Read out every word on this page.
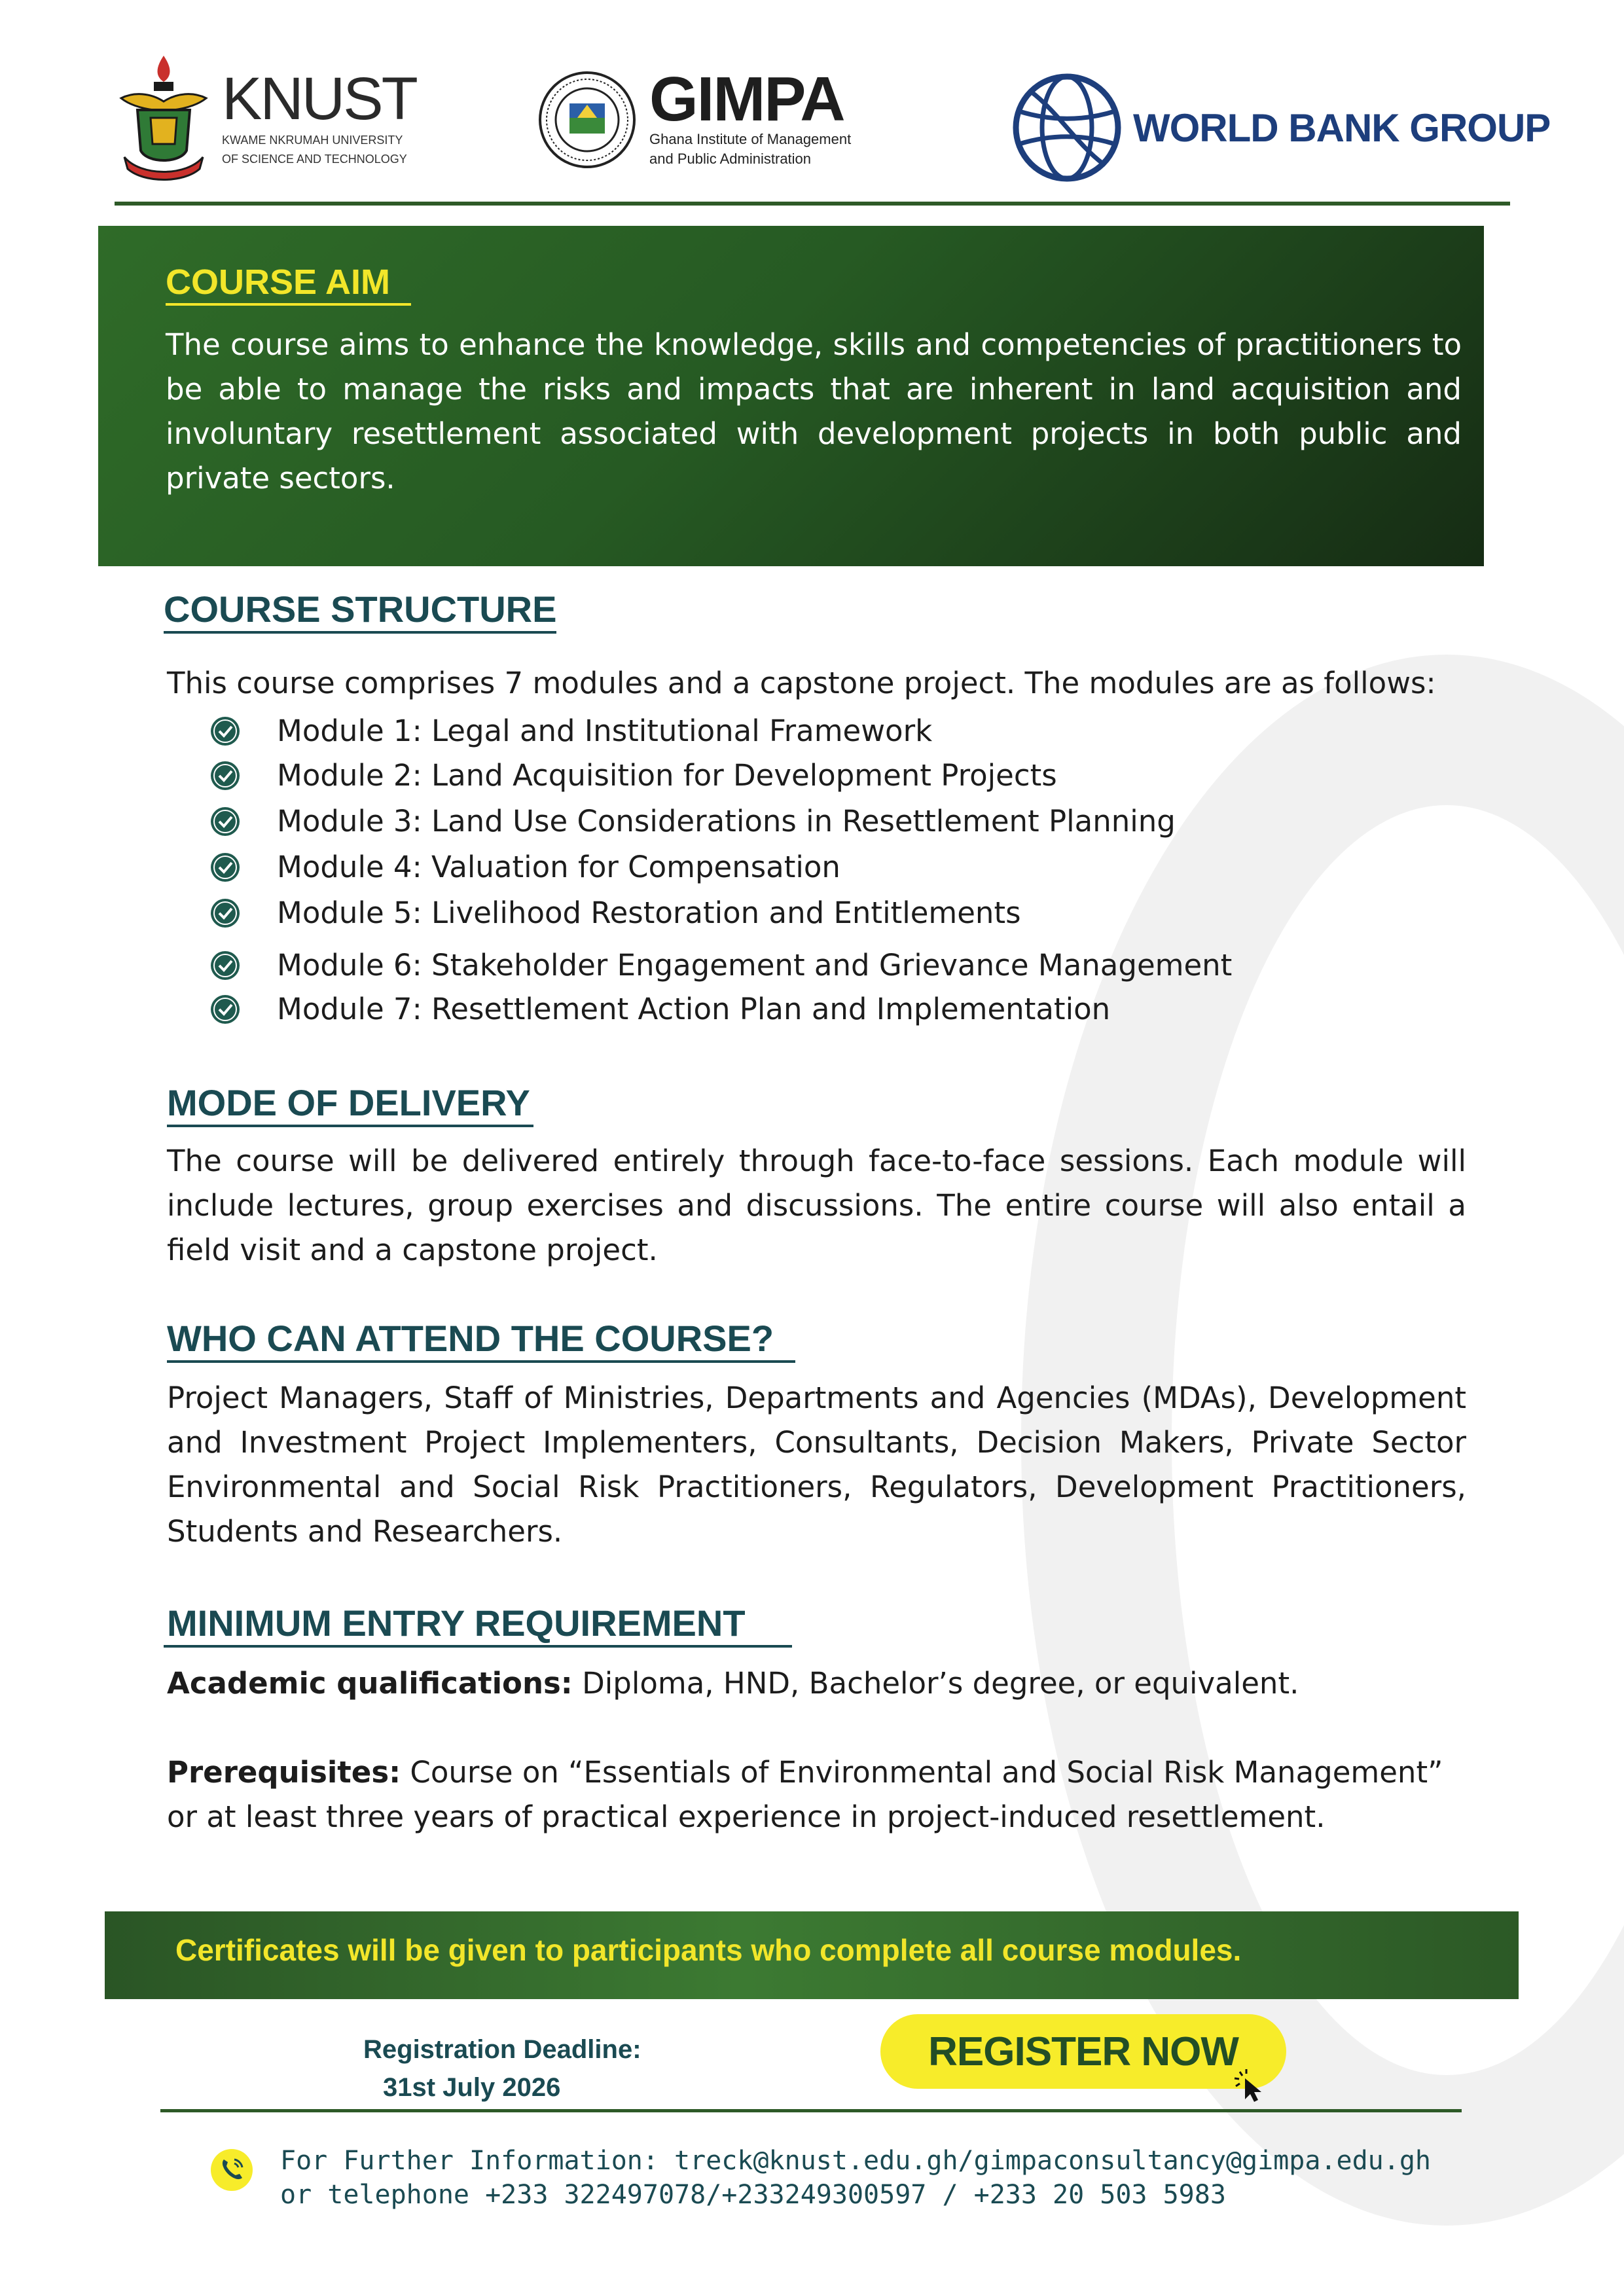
KNUST
KWAME NKRUMAH UNIVERSITY
OF SCIENCE AND TECHNOLOGY
GIMPA
Ghana Institute of Management
and Public Administration
WORLD BANK GROUP
COURSE AIM
The course aims to enhance the knowledge, skills and competencies of practitioners to be able to manage the risks and impacts that are inherent in land acquisition and involuntary resettlement associated with development projects in both public and private sectors.
COURSE STRUCTURE
This course comprises 7 modules and a capstone project. The modules are as follows:
Module 1: Legal and Institutional Framework
Module 2: Land Acquisition for Development Projects
Module 3: Land Use Considerations in Resettlement Planning
Module 4: Valuation for Compensation
Module 5: Livelihood Restoration and Entitlements
Module 6: Stakeholder Engagement and Grievance Management
Module 7: Resettlement Action Plan and Implementation
MODE OF DELIVERY
The course will be delivered entirely through face-to-face sessions. Each module will include lectures, group exercises and discussions. The entire course will also entail a field visit and a capstone project.
WHO CAN ATTEND THE COURSE?
Project Managers, Staff of Ministries, Departments and Agencies (MDAs), Development and Investment Project Implementers, Consultants, Decision Makers, Private Sector Environmental and Social Risk Practitioners, Regulators, Development Practitioners, Students and Researchers.
MINIMUM ENTRY REQUIREMENT
Academic qualifications: Diploma, HND, Bachelor’s degree, or equivalent.
Prerequisites: Course on “Essentials of Environmental and Social Risk Management” or at least three years of practical experience in project-induced resettlement.
Certificates will be given to participants who complete all course modules.
Registration Deadline:
31st July 2026
REGISTER NOW
For Further Information: treck@knust.edu.gh/gimpaconsultancy@gimpa.edu.gh
or telephone +233 322497078/+233249300597 / +233 20 503 5983
